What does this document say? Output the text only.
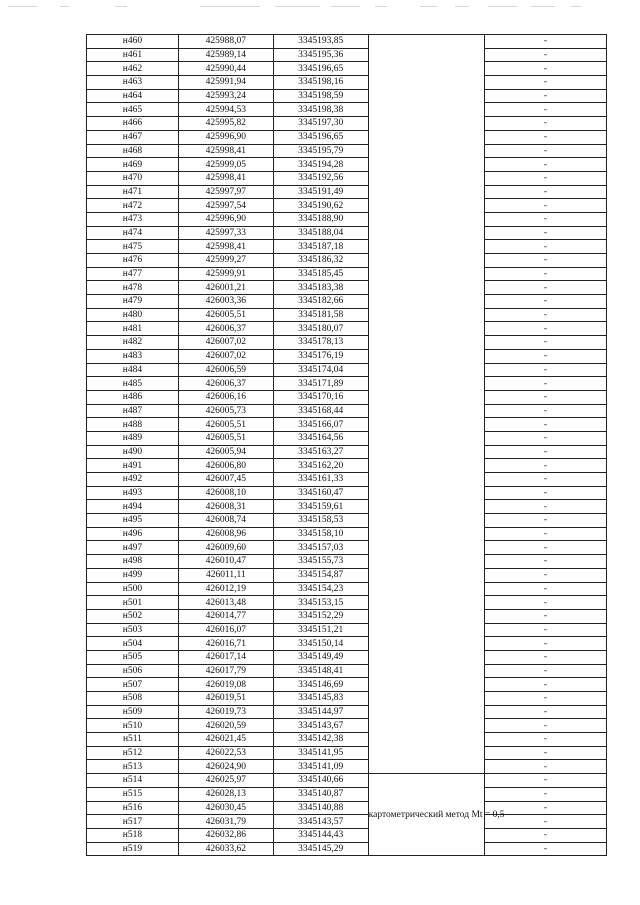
н460	425988,07	3345193,85		-
н461	425989,14	3345195,36		-
н462	425990,44	3345196,65		-
н463	425991,94	3345198,16		-
н464	425993,24	3345198,59		-
н465	425994,53	3345198,38		-
н466	425995,82	3345197,30		-
н467	425996,90	3345196,65		-
н468	425998,41	3345195,79		-
н469	425999,05	3345194,28		-
н470	425998,41	3345192,56		-
н471	425997,97	3345191,49		-
н472	425997,54	3345190,62		-
н473	425996,90	3345188,90		-
н474	425997,33	3345188,04		-
н475	425998,41	3345187,18		-
н476	425999,27	3345186,32		-
н477	425999,91	3345185,45		-
н478	426001,21	3345183,38		-
н479	426003,36	3345182,66		-
н480	426005,51	3345181,58		-
н481	426006,37	3345180,07		-
н482	426007,02	3345178,13		-
н483	426007,02	3345176,19		-
н484	426006,59	3345174,04		-
н485	426006,37	3345171,89		-
н486	426006,16	3345170,16		-
н487	426005,73	3345168,44		-
н488	426005,51	3345166,07		-
н489	426005,51	3345164,56		-
н490	426005,94	3345163,27		-
н491	426006,80	3345162,20		-
н492	426007,45	3345161,33		-
н493	426008,10	3345160,47		-
н494	426008,31	3345159,61		-
н495	426008,74	3345158,53		-
н496	426008,96	3345158,10		-
н497	426009,60	3345157,03		-
н498	426010,47	3345155,73		-
н499	426011,11	3345154,87		-
н500	426012,19	3345154,23		-
н501	426013,48	3345153,15		-
н502	426014,77	3345152,29		-
н503	426016,07	3345151,21		-
н504	426016,71	3345150,14		-
н505	426017,14	3345149,49		-
н506	426017,79	3345148,41		-
н507	426019,08	3345146,69		-
н508	426019,51	3345145,83		-
н509	426019,73	3345144,97		-
н510	426020,59	3345143,67		-
н511	426021,45	3345142,38		-
н512	426022,53	3345141,95		-
н513	426024,90	3345141,09		-
н514	426025,97	3345140,66	картометрический метод Mt = 0,5	-
н515	426028,13	3345140,87		-
н516	426030,45	3345140,88		-
н517	426031,79	3345143,57		-
н518	426032,86	3345144,43		-
н519	426033,62	3345145,29		-
